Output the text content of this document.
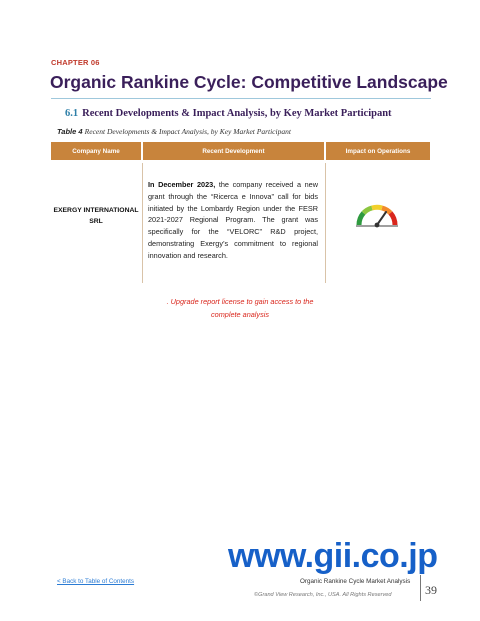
CHAPTER 06
Organic Rankine Cycle: Competitive Landscape
6.1 Recent Developments & Impact Analysis, by Key Market Participant
Table 4 Recent Developments & Impact Analysis, by Key Market Participant
Company Name	Recent Development	Impact on Operations
EXERGY INTERNATIONAL
SRL
In December 2023, the company received a new grant through the “Ricerca e Innova” call for bids initiated by the Lombardy Region under the FESR 2021-2027 Regional Program. The grant was specifically for the “VELORC” R&D project, demonstrating Exergy’s commitment to regional innovation and research.
. Upgrade report license to gain access to the
complete analysis
www.gii.co.jp
< Back to Table of Contents	Organic Rankine Cycle Market Analysis
©Grand View Research, Inc., USA. All Rights Reserved	39
